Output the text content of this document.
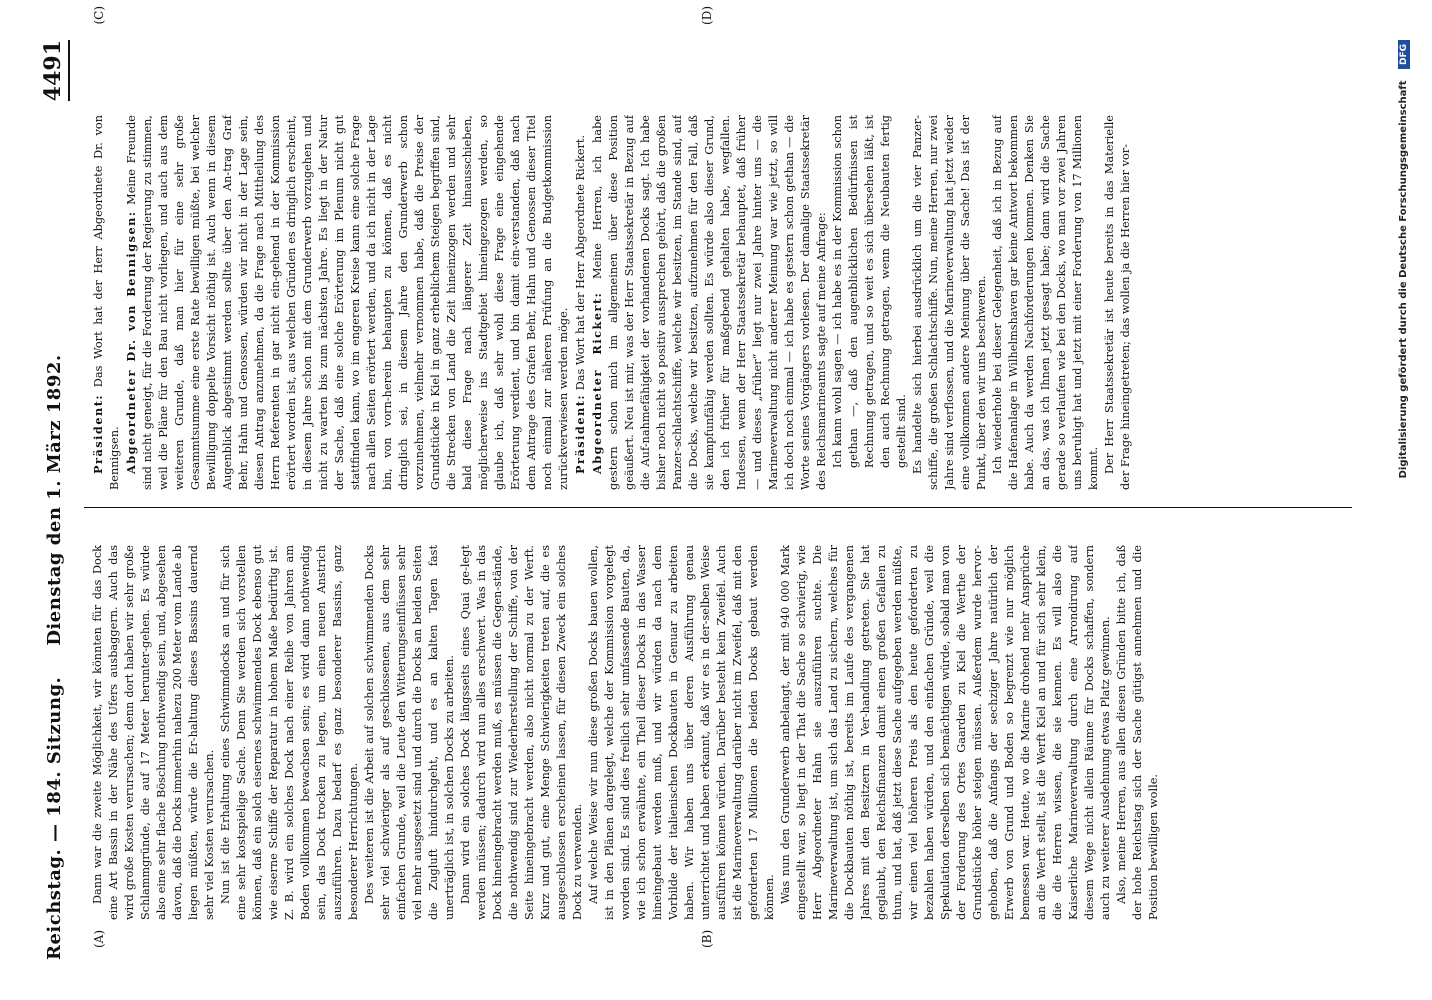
Reichstag. — 184. Sitzung.
Dienstag den 1. März 1892.
4491
(A)	(B)
(C)	(D)

Dann war die zweite Möglichkeit, wir könnten für das Dock eine Art Bassin in der Nähe des Ufers ausbaggern. Auch das wird große Kosten verursachen; denn dort haben wir sehr große Schlammgründe, die auf 17 Meter herunter-gehen. Es würde also eine sehr flache Böschung nothwendig sein, und, abgesehen davon, daß die Docks immerhin nahezu 200 Meter vom Lande ab liegen müßten, würde die Er-haltung dieses Bassins dauernd sehr viel Kosten verursachen. Nun ist die Erhaltung eines Schwimmdocks an und für sich eine sehr kostspielige Sache. Denn Sie werden sich vorstellen können, daß ein solch eisernes schwimmendes Dock ebenso gut wie eiserne Schiffe der Reparatur in hohem Maße bedürftig ist. Z. B. wird ein solches Dock nach einer Reihe von Jahren am Boden vollkommen bewachsen sein; es wird dann nothwendig sein, das Dock trocken zu legen, um einen neuen Anstrich auszuführen. Dazu bedarf es ganz besonderer Bassins, ganz besonderer Herrichtungen. Des weiteren ist die Arbeit auf solchen schwimmenden Docks sehr viel schwieriger als auf geschlossenen, aus dem sehr einfachen Grunde, weil die Leute den Witterungseinflüssen sehr viel mehr ausgesetzt sind und durch die Docks an beiden Seiten die Zugluft hindurchgeht, und es an kalten Tagen fast unerträglich ist, in solchen Docks zu arbeiten. Dann wird ein solches Dock längsseits eines Quai ge-legt werden müssen; dadurch wird nun alles erschwert. Was in das Dock hineingebracht werden muß, es müssen die Gegen-stände, die nothwendig sind zur Wiederherstellung der Schiffe, von der Seite hineingebracht werden, also nicht normal zu der Werft. Kurz und gut, eine Menge Schwierigkeiten treten auf, die es ausgeschlossen erscheinen lassen, für diesen Zweck ein solches Dock zu verwenden. Auf welche Weise wir nun diese großen Docks bauen wollen, ist in den Plänen dargelegt, welche der Kommission vorgelegt worden sind. Es sind dies freilich sehr umfassende Bauten, da, wie ich schon erwähnte, ein Theil dieser Docks in das Wasser hineingebaut werden muß, und wir würden da nach dem Vorbilde der italienischen Dockbauten in Genuar zu arbeiten haben. Wir haben uns über deren Ausführung genau unterrichtet und haben erkannt, daß wir es in der-selben Weise ausführen können würden. Darüber besteht kein Zweifel. Auch ist die Marineverwaltung darüber nicht im Zweifel, daß mit den geforderten 17 Millionen die beiden Docks gebaut werden können. Was nun den Grunderwerb anbelangt, der mit 940 000 Mark eingestellt war, so liegt in der That die Sache so schwierig, wie Herr Abgeordneter Hahn sie auszuführen suchte. Die Marineverwaltung ist, um sich das Land zu sichern, welches für die Dockbauten nöthig ist, bereits im Laufe des vergangenen Jahres mit den Besitzern in Ver-handlung getreten. Sie hat geglaubt, den Reichsfinanzen damit einen großen Gefallen zu thun, und hat, daß jetzt diese Sache aufgegeben werden müßte, wir einen viel höheren Preis als den heute geforderten zu bezahlen haben würden, und den einfachen Gründe, weil die Spekulation derselben sich bemächtigen würde, sobald man von der Forderung des Ortes Gaarden zu Kiel die Werthe der Grundstücke höher steigen müssen. Außerdem wurde hervor-gehoben, daß die Anfangs der sechziger Jahre natürlich der Erwerb von Grund und Boden so begrenzt wie nur möglich bemessen war. Heute, wo die Marine drohend mehr Ansprüche an die Werft stellt, ist die Werft Kiel an und für sich sehr klein, die die Herren wissen, die sie kennen. Es will also die Kaiserliche Marineverwaltung durch eine Arrondirung auf diesem Wege nicht allein Räume für Docks schaffen, sondern auch zu weiterer Ausdehnung etwas Platz gewinnen. Also, meine Herren, aus allen diesen Gründen bitte ich, daß der hohe Reichstag sich der Sache gütigst annehmen und die Position bewilligen wolle.

Präsident: Das Wort hat der Herr Abgeordnete Dr. von Bennigsen. Abgeordneter Dr. von Bennigsen: Meine Freunde sind nicht geneigt, für die Forderung der Regierung zu stimmen, weil die Pläne für den Bau nicht vorliegen, und auch aus dem weiteren Grunde, daß man hier für eine sehr große Gesammtsumme eine erste Rate bewilligen müßte, bei welcher Bewilligung doppelte Vorsicht nöthig ist. Auch wenn in diesem Augenblick abgestimmt werden sollte über den An-trag Graf Behr, Hahn und Genossen, würden wir nicht in der Lage sein, diesen Antrag anzunehmen, da die Frage nach Mittheilung des Herrn Referenten in gar nicht ein-gehend in der Kommission erörtert worden ist, aus welchen Gründen es dringlich erscheint, in diesem Jahre schon mit dem Grunderwerb vorzugehen und nicht zu warten bis zum nächsten Jahre. Es liegt in der Natur der Sache, daß eine solche Erörterung im Plenum nicht gut stattfinden kann, wo im engeren Kreise kann eine solche Frage nach allen Seiten erörtert werden, und da ich nicht in der Lage bin, von vorn-herein behaupten zu können, daß es nicht dringlich sei, in diesem Jahre den Grunderwerb schon vorzunehmen, vielmehr vernommen habe, daß die Preise der Grundstücke in Kiel in ganz erheblichem Steigen begriffen sind, die Strecken von Land die Zeit hineinzogen werden und sehr bald diese Frage nach längerer Zeit hinausschieben, möglicherweise ins Stadtgebiet hineingezogen werden, so glaube ich, daß sehr wohl diese Frage eine eingehende Erörterung verdient, und bin damit ein-verstanden, daß nach dem Antrage des Grafen Behr, Hahn und Genossen dieser Titel noch einmal zur näheren Prüfung an die Budgetkommission zurückverwiesen werden möge. Präsident: Das Wort hat der Herr Abgeordnete Rickert. Abgeordneter Rickert: Meine Herren, ich habe gestern schon mich im allgemeinen über diese Position geäußert. Neu ist mir, was der Herr Staatssekretär in Bezug auf die Auf-nahmefähigkeit der vorhandenen Docks sagt. Ich habe bisher noch nicht so positiv aussprechen gehört, daß die großen Panzer-schlachtschiffe, welche wir besitzen, im Stande sind, auf die Docks, welche wir besitzen, aufzunehmen für den Fall, daß sie kampfunfähig werden sollten. Es würde also dieser Grund, den ich früher für maßgebend gehalten habe, wegfallen. Indessen, wenn der Herr Staatssekretär behauptet, daß früher — und dieses „früher“ liegt nur zwei Jahre hinter uns — die Marineverwaltung nicht anderer Meinung war wie jetzt, so will ich doch noch einmal — ich habe es gestern schon gethan — die Worte seines Vorgängers vorlesen. Der damalige Staatssekretär des Reichsmarineamts sagte auf meine Anfrage: Ich kann wohl sagen — ich habe es in der Kommission schon gethan —, daß den augenblicklichen Bedürfnissen ist Rechnung getragen, und so weit es sich übersehen läßt, ist den auch Rechnung getragen, wenn die Neubauten fertig gestellt sind. Es handelte sich hierbei ausdrücklich um die vier Panzer-schiffe, die großen Schlachtschiffe. Nun, meine Herren, nur zwei Jahre sind verflossen, und die Marineverwaltung hat jetzt wieder eine vollkommen andere Meinung über die Sache! Das ist der Punkt, über den wir uns beschweren. Ich wiederhole bei dieser Gelegenheit, daß ich in Bezug auf die Hafenanlage in Wilhelmshaven gar keine Antwort bekommen habe. Auch da werden Nachforderungen kommen. Denken Sie an das, was ich Ihnen jetzt gesagt habe; dann wird die Sache gerade so verlaufen wie bei den Docks, wo man vor zwei Jahren uns beruhigt hat und jetzt mit einer Forderung von 17 Millionen kommt. Der Herr Staatssekretär ist heute bereits in das Materielle der Frage hineingetreten; das wollen ja die Herren hier vor-	Digitalisierung gefördert durch die Deutsche Forschungsgemeinschaft DFG
